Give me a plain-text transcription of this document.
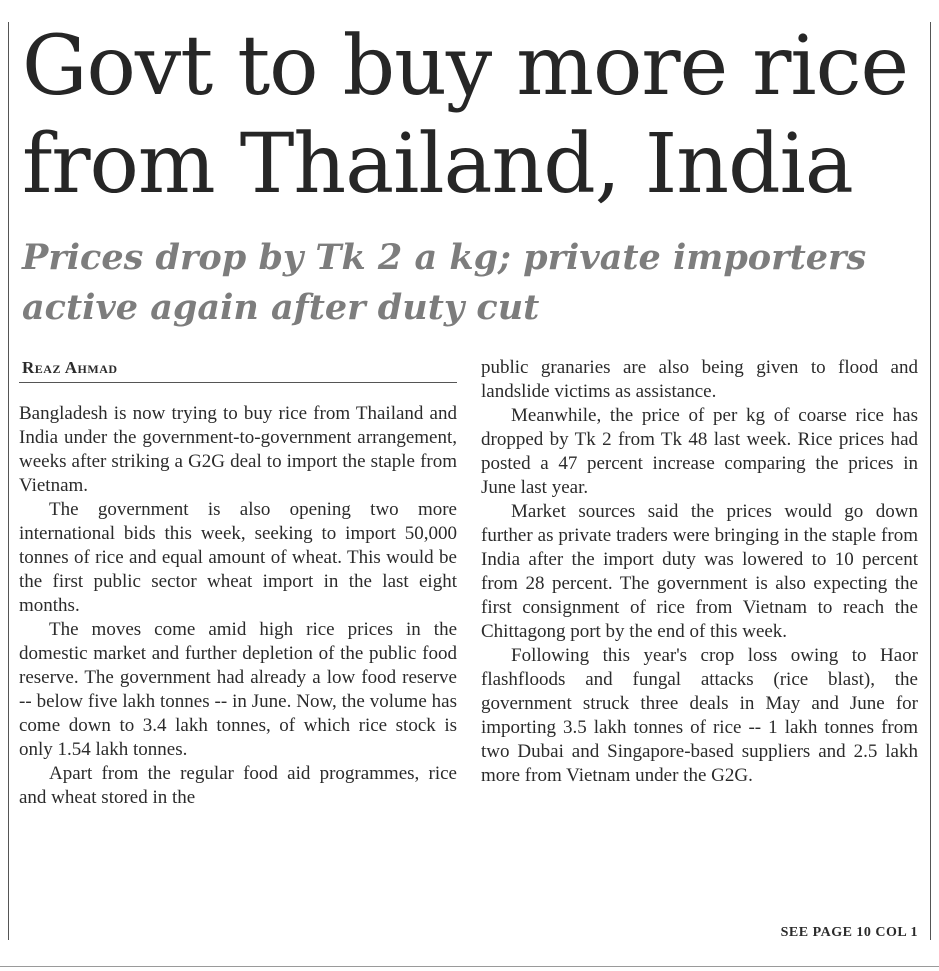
Govt to buy more rice
from Thailand, India
Prices drop by Tk 2 a kg; private importers
active again after duty cut
Reaz Ahmad

Bangladesh is now trying to buy rice from Thailand and India under the government-to-government arrangement, weeks after striking a G2G deal to import the staple from Vietnam.

The government is also opening two more international bids this week, seeking to import 50,000 tonnes of rice and equal amount of wheat. This would be the first public sector wheat import in the last eight months.

The moves come amid high rice prices in the domestic market and further depletion of the public food reserve. The government had already a low food reserve -- below five lakh tonnes -- in June. Now, the volume has come down to 3.4 lakh tonnes, of which rice stock is only 1.54 lakh tonnes.

Apart from the regular food aid programmes, rice and wheat stored in the

public granaries are also being given to flood and landslide victims as assistance.

Meanwhile, the price of per kg of coarse rice has dropped by Tk 2 from Tk 48 last week. Rice prices had posted a 47 percent increase comparing the prices in June last year.

Market sources said the prices would go down further as private traders were bringing in the staple from India after the import duty was lowered to 10 percent from 28 percent. The government is also expecting the first consignment of rice from Vietnam to reach the Chittagong port by the end of this week.

Following this year's crop loss owing to Haor flashfloods and fungal attacks (rice blast), the government struck three deals in May and June for importing 3.5 lakh tonnes of rice -- 1 lakh tonnes from two Dubai and Singapore-based suppliers and 2.5 lakh more from Vietnam under the G2G.

SEE PAGE 10 COL 1
